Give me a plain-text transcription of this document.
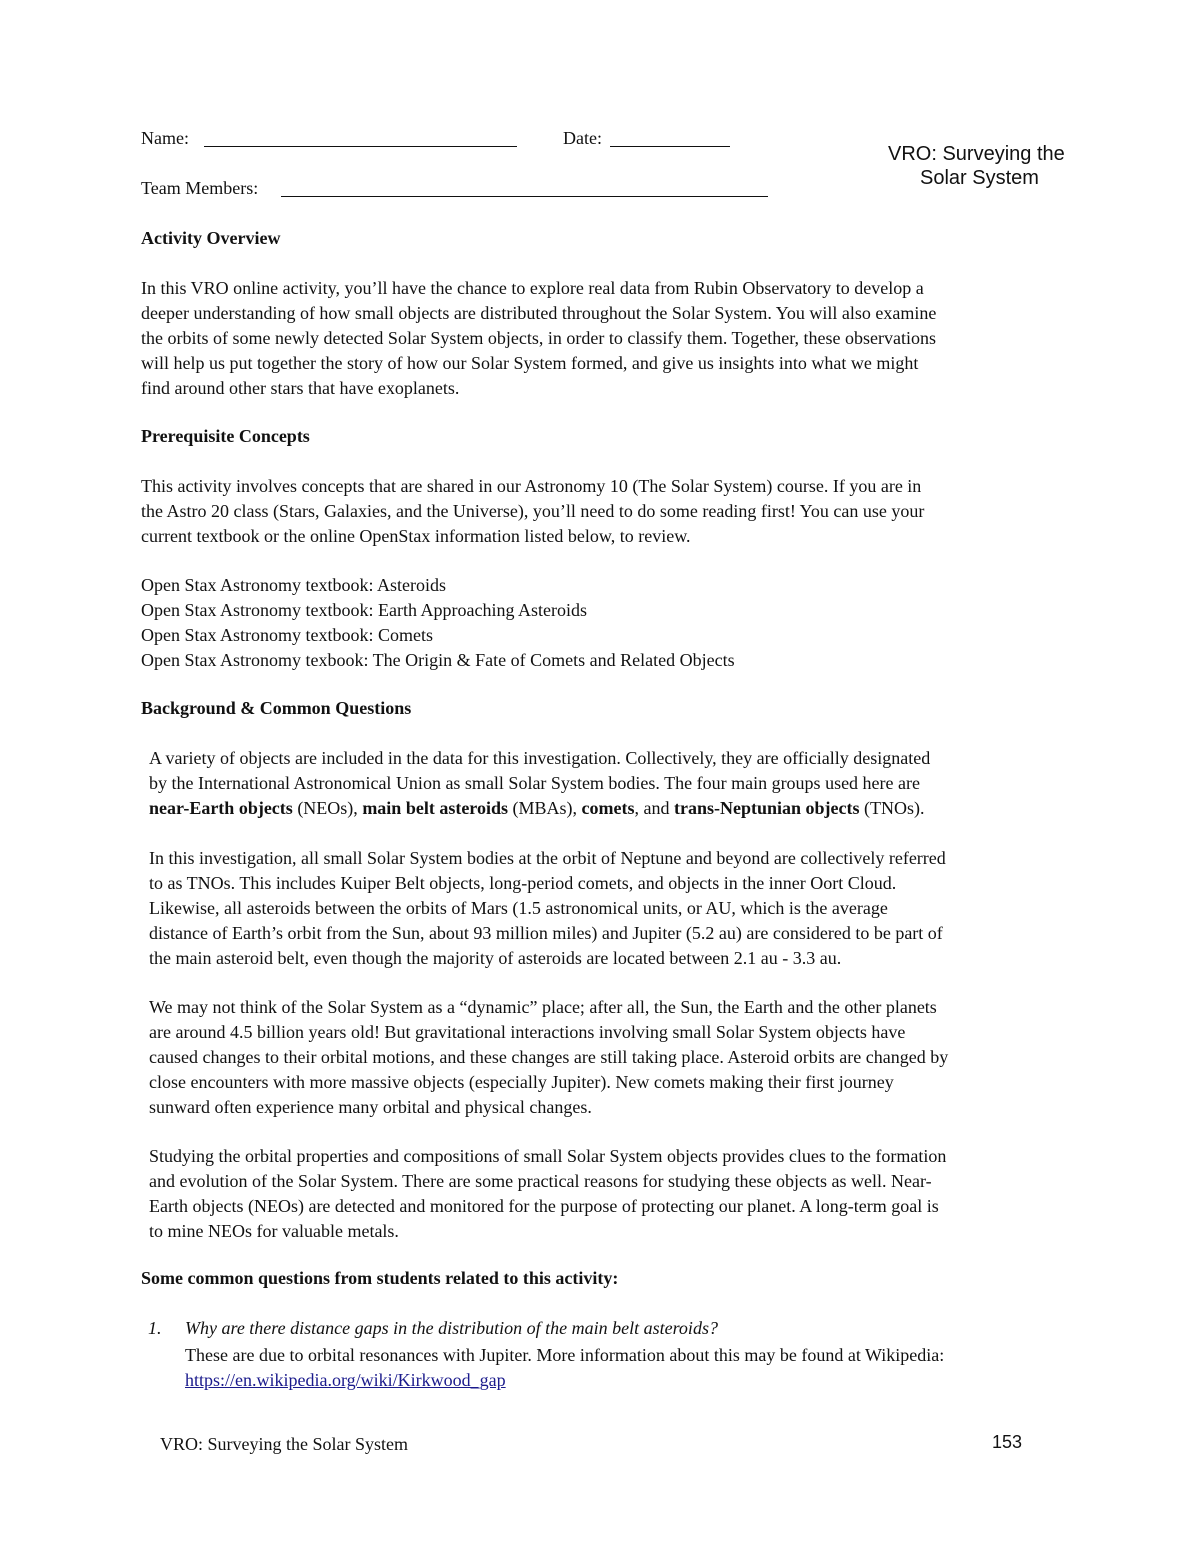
Name:	Date:
Team Members:
VRO: Surveying the
Solar System
Activity Overview
In this VRO online activity, you’ll have the chance to explore real data from Rubin Observatory to develop a
deeper understanding of how small objects are distributed throughout the Solar System. You will also examine
the orbits of some newly detected Solar System objects, in order to classify them. Together, these observations
will help us put together the story of how our Solar System formed, and give us insights into what we might
find around other stars that have exoplanets.
Prerequisite Concepts
This activity involves concepts that are shared in our Astronomy 10 (The Solar System) course. If you are in
the Astro 20 class (Stars, Galaxies, and the Universe), you’ll need to do some reading first! You can use your
current textbook or the online OpenStax information listed below, to review.
Open Stax Astronomy textbook: Asteroids
Open Stax Astronomy textbook: Earth Approaching Asteroids
Open Stax Astronomy textbook: Comets
Open Stax Astronomy texbook: The Origin & Fate of Comets and Related Objects
Background & Common Questions
A variety of objects are included in the data for this investigation. Collectively, they are officially designated
by the International Astronomical Union as small Solar System bodies. The four main groups used here are
near-Earth objects (NEOs), main belt asteroids (MBAs), comets, and trans-Neptunian objects (TNOs).
In this investigation, all small Solar System bodies at the orbit of Neptune and beyond are collectively referred
to as TNOs. This includes Kuiper Belt objects, long-period comets, and objects in the inner Oort Cloud.
Likewise, all asteroids between the orbits of Mars (1.5 astronomical units, or AU, which is the average
distance of Earth’s orbit from the Sun, about 93 million miles) and Jupiter (5.2 au) are considered to be part of
the main asteroid belt, even though the majority of asteroids are located between 2.1 au - 3.3 au.
We may not think of the Solar System as a “dynamic” place; after all, the Sun, the Earth and the other planets
are around 4.5 billion years old! But gravitational interactions involving small Solar System objects have
caused changes to their orbital motions, and these changes are still taking place. Asteroid orbits are changed by
close encounters with more massive objects (especially Jupiter). New comets making their first journey
sunward often experience many orbital and physical changes.
Studying the orbital properties and compositions of small Solar System objects provides clues to the formation
and evolution of the Solar System. There are some practical reasons for studying these objects as well. Near-
Earth objects (NEOs) are detected and monitored for the purpose of protecting our planet. A long-term goal is
to mine NEOs for valuable metals.
Some common questions from students related to this activity:
1. Why are there distance gaps in the distribution of the main belt asteroids?
These are due to orbital resonances with Jupiter. More information about this may be found at Wikipedia:
https://en.wikipedia.org/wiki/Kirkwood_gap
VRO: Surveying the Solar System	153
